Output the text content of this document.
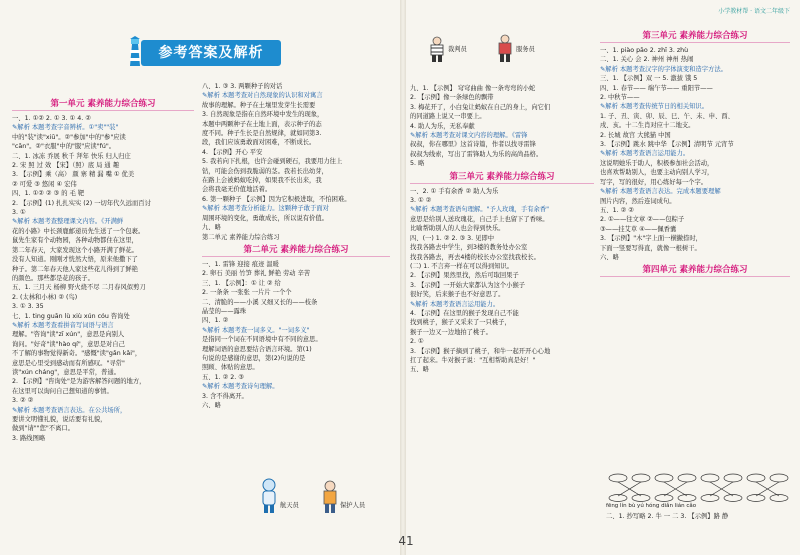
小学教材帮 · 语文二年级下
参考答案及解析
第一单元 素养能力综合练习
一、1. ①② 2. ① 3. ① 4. ②
✎解析 本题考查字音辨析。①"卖""装"
中的"装"读"xiū"。②"参加"中的"参"应读
"cān"。②"衣服"中的"服"应读"fú"。
二、1. 冰冻 乔展 秋千 拜年 快乐 归人归庄
2. 宋 照 过 效 【宋】（照）底 局 通 趣
3. 【示例】乘（高） 颜 寨 精 漏 嘴 ① 优美
② 可爱 ③ 悠闲 ④ 宏伟
四、1. ①② ② ③ 的 毛 靶
2. 【示例】(1) 扎扎实实 (2) 一切年代久远而百讨
3. ①
✎解析 本题考查整理课文内容。《开满鲜
花的小路》中长颈鹿邮递员先生送了一个包裹。
鼠先生家有个动物园，各种动物都住在这里，
第二年春天，大家发现这个小路开满了鲜花。
没有人知道。刚刚才恍然大悟，原来他撒下了
种子。第二年春天他人家这些花儿得到了鲜艳
的颜色。那些都是花的孩子。
五、1. 三月天 杨柳 野火烧不尽 二月春风似剪刀
2. (太林和小林) ② (鸟)
3. ① 3. 35
七、1. ting guān lù xiù xún cóu 咨询处
✎解析 本题考查看拼音写词语与语言
理解。"咨询"读"zī xún"，意思是向别人
询问。"好奇"读"hào qí"，意思是对自己
不了解的事物觉得新奇。"感慨"读"gǎn kǎi"，
意思是心里受到感动而有所感叹。"寻常"
读"xún cháng"，意思是平常，普通。
2. 【示例】"咨询处"是为游客解答问题的地方，
在这里可以询问自己想知道的事情。
3. ② ②
✎解析 本题考查语言表达。在公共场所，
要讲文明懂礼貌，说话要有礼貌，
做到"请""您"不离口。
3. 路线图略
八、1. ③ 3. 两颗种子的对话
✎解析 本题考查对自然现象的认识和对寓言
故事的理解。种子在土壤里发芽生长需要
3. 自然现象是指在自然环境中发生的现象，
本题中两颗种子在土地上面，表示种子的态
度不同。种子生长是自然规律，就如同第3.
段，我们应该勇敢面对困难，不断成长。
4. 【示例】开心 平安
5. 我若向下扎根，也许会碰到硬石，我要用力往上
钻，可能会伤到我脆弱的茎。我若长出幼芽，
在路上会被蚂蚁吃掉，如果我不长出来，我
会将我毫无价值地活着。
6. 第一颗种子 【示例】因为它积极进取，不怕困难。
✎解析 本题考查分析能力。这颗种子敢于面对
周围环境的变化，勇敢成长，所以说有价值。
九、略
第二单元 素养能力综合练习
第二单元 素养能力综合练习
一、1. 雷锋 迎接 痕迹 温暖
2. 卵石 美丽 竹笋 葬礼 鲜艳 劳动 辛苦
三、1. 【示例】：① 让 ② 给
2. 一条条 一张张 一片片 一个个
二、清脆的——小溪 又细又长的——枝条
晶莹的——露珠
四、1. ②
✎解析 本题考查一词多义。"一词多义"
是指同一个词在不同语境中有不同的意思。
理解词语的意思要结合语言环境。第(1)
句说的是感谢的意思，第(2)句说的是
照顾、体贴的意思。
五、1. ② 2. ③
✎解析 本题考查诗句理解。
3. 含不得离开。
六、略
航天员	保护人员
裁判员	服务员
九、1. 【示例】 穹穹曲曲 像一条弯弯的小蛇
2. 【示例】像一条绿色的飘带
3. 梅花开了，小白兔让蚂蚁在自己的身上，向它们
的同道路上说又一串要上。
4. 助人为乐，无私奉献
✎解析 本题考查对课文内容的理解。《雷锋
叔叔，你在哪里》这首诗篇，作者以找寻雷锋
叔叔为线索，写出了雷锋助人为乐的高尚品格。
5. 略
第三单元 素养能力综合练习
一、2. ① 手有余香 ② 助人为乐
3. ① ②
✎解析 本题考查语句理解。"予人玫瑰，手有余香"
意思是给别人送玫瑰花，自己手上也留下了香味。
比喻帮助别人的人也会得到快乐。
四、(一) 1. ② 2. ③ 3. 见即中
找我各路去中学生，到3楼的教务处办公室
找我各路去，再去4楼的校长办公室找我校长。
(二) 1. 不言弃一样在可以得到知识。
2. 【示例】果然里找，然后可取回果子
3. 【示例】一开始大家都认为这个小猴子
很好笑，后来猴子也不好意思了。
✎解析 本题考查语言运用能力。
4. 【示例】在这里的猴子发现自己不能
找到桃子，猴子又采来了一只桃子，
猴子一边又一边地拍了桃子。
2. ①
3. 【示例】猴子摘到了桃子，和牛一起开开心心地
扛了起来。牛对猴子说："互相帮助真是好！"
五、略
第三单元 素养能力综合练习
一、1. piào pāo 2. zhī 3. zhù
二、1. 关心 会 2. 神州 神州 热闹
✎解析 本题考查汉字的字体演变和造字方法。
三、1. 【示例】双 一 5. 激拔 饿 5
四、1. 春节—— 端午节—— 重阳节——
2. 中秋节——
✎解析 本题考查传统节日的相关知识。
1. 子、丑、寅、卯、辰、巳、午、未、申、酉、
戌、亥。十二生肖对应十二地支。
2. 长城 故宫 大熊猫 中国
3. 【示例】跳水 跳中华 【示例】清明节 元宵节
✎解析 本题考查语言运用能力。
这说明她乐于助人，积极参加社会活动，
也喜欢帮助别人，也要主动向别人学习，
写字，写的很好，用心练好每一个字。
✎解析 本题考查语言表达。完成本题要理解
图片内容，然后连词成句。
五、1. ② ②
2. ①——往文章 ②——包粽子
③——挂艾草 ④——佩香囊
3. 【示例】"木"字上面一横撇捺时，
下面一竖要写得直，就像一根树干。
六、略
第四单元 素养能力综合练习
fēng lín bù yú hóng diǎn lián cǎo
二、1. 抄写略 2. 牛 一 二 3. 【示例】路 静
41
